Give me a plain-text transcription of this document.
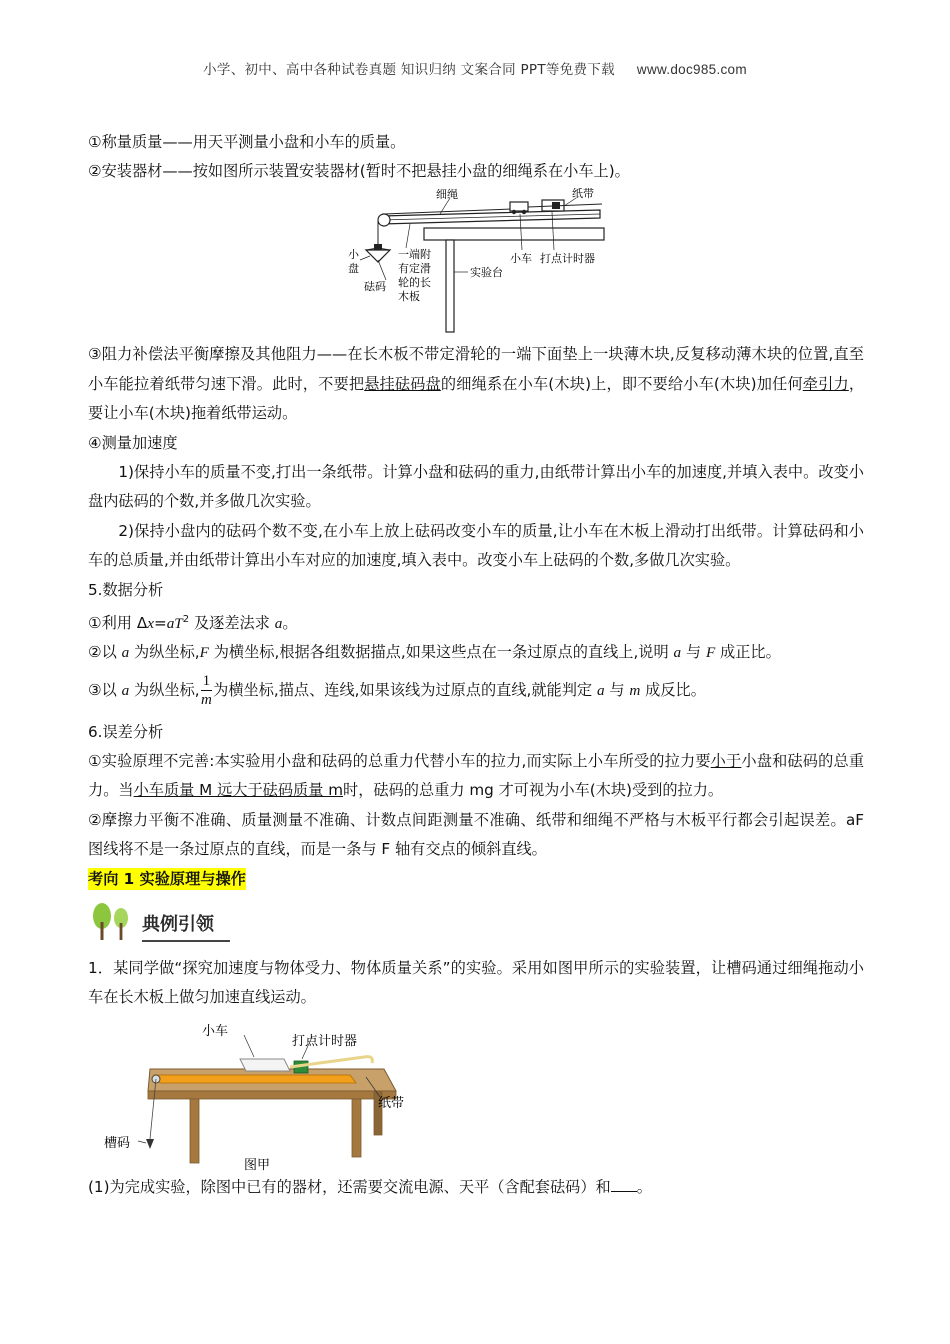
小学、初中、高中各种试卷真题 知识归纳 文案合同 PPT等免费下载 www.doc985.com

①称量质量——用天平测量小盘和小车的质量。

②安装器材——按如图所示装置安装器材(暂时不把悬挂小盘的细绳系在小车上)。

细绳	纸带
小车 打点计时器
小
盘
砝码
一端附
有定滑
轮的长
木板
实验台

③阻力补偿法平衡摩擦及其他阻力——在长木板不带定滑轮的一端下面垫上一块薄木块,反复移动薄木块的位置,直至小车能拉着纸带匀速下滑。此时，不要把悬挂砝码盘的细绳系在小车(木块)上，即不要给小车(木块)加任何牵引力，要让小车(木块)拖着纸带运动。

④测量加速度

1)保持小车的质量不变,打出一条纸带。计算小盘和砝码的重力,由纸带计算出小车的加速度,并填入表中。改变小盘内砝码的个数,并多做几次实验。

2)保持小盘内的砝码个数不变,在小车上放上砝码改变小车的质量,让小车在木板上滑动打出纸带。计算砝码和小车的总质量,并由纸带计算出小车对应的加速度,填入表中。改变小车上砝码的个数,多做几次实验。

5.数据分析

①利用 $\Delta x=aT^2$ 及逐差法求 a。

②以 a 为纵坐标,F 为横坐标,根据各组数据描点,如果这些点在一条过原点的直线上,说明 a 与 F 成正比。

③以 a 为纵坐标, $\frac{1}{m}$ 为横坐标,描点、连线,如果该线为过原点的直线,就能判定 a 与 m 成反比。

6.误差分析

①实验原理不完善:本实验用小盘和砝码的总重力代替小车的拉力,而实际上小车所受的拉力要小于小盘和砝码的总重力。当小车质量 M 远大于砝码质量 m时，砝码的总重力 mg 才可视为小车(木块)受到的拉力。

②摩擦力平衡不准确、质量测量不准确、计数点间距测量不准确、纸带和细绳不严格与木板平行都会引起误差。aF 图线将不是一条过原点的直线，而是一条与 F 轴有交点的倾斜直线。

考向 1 实验原理与操作

典例引领

1．某同学做“探究加速度与物体受力、物体质量关系”的实验。采用如图甲所示的实验装置，让槽码通过细绳拖动小车在长木板上做匀加速直线运动。

小车
打点计时器
纸带
槽码
图甲

(1)为完成实验，除图中已有的器材，还需要交流电源、天平（含配套砝码）和 。
